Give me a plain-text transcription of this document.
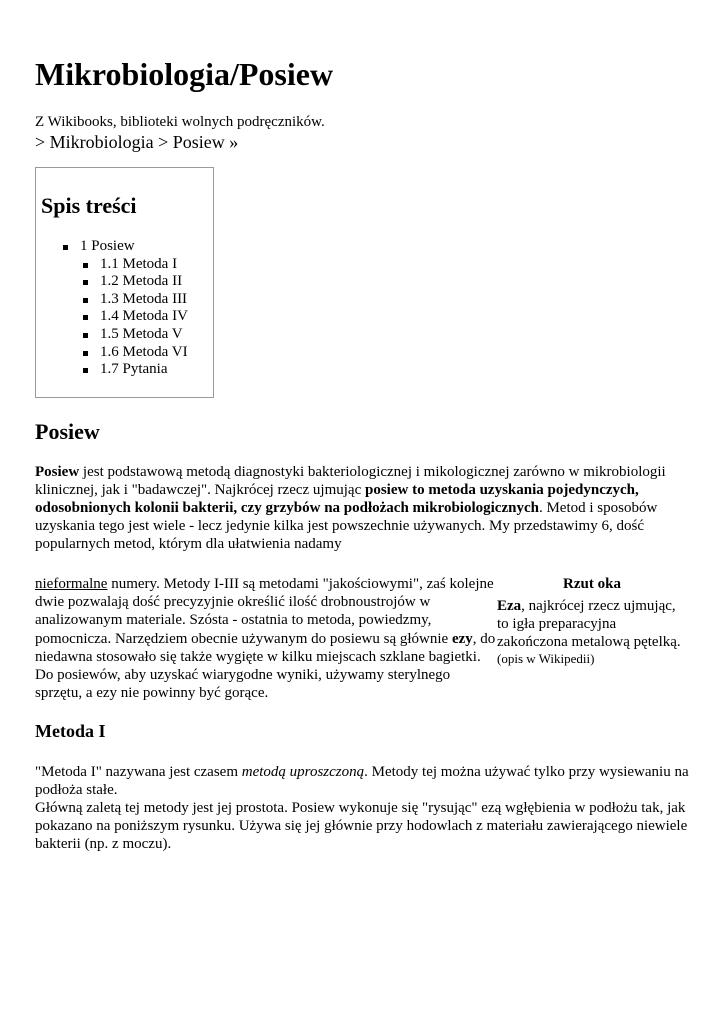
Mikrobiologia/Posiew
Z Wikibooks, biblioteki wolnych podręczników.
> Mikrobiologia > Posiew »
Spis treści
1 Posiew
1.1 Metoda I
1.2 Metoda II
1.3 Metoda III
1.4 Metoda IV
1.5 Metoda V
1.6 Metoda VI
1.7 Pytania
Posiew

Posiew jest podstawową metodą diagnostyki bakteriologicznej i mikologicznej zarówno w mikrobiologii klinicznej, jak i "badawczej". Najkrócej rzecz ujmując posiew to metoda uzyskania pojedynczych, odosobnionych kolonii bakterii, czy grzybów na podłożach mikrobiologicznych. Metod i sposobów uzyskania tego jest wiele - lecz jedynie kilka jest powszechnie używanych. My przedstawimy 6, dość popularnych metod, którym dla ułatwienia nadamy

nieformalne numery. Metody I-III są metodami "jakościowymi", zaś kolejne dwie pozwalają dość precyzyjnie określić ilość drobnoustrojów w analizowanym materiale. Szósta - ostatnia to metoda, powiedzmy, pomocnicza. Narzędziem obecnie używanym do posiewu są głównie ezy, do niedawna stosowało się także wygięte w kilku miejscach szklane bagietki. Do posiewów, aby uzyskać wiarygodne wyniki, używamy sterylnego sprzętu, a ezy nie powinny być gorące.

Rzut oka
Eza, najkrócej rzecz ujmując, to igła preparacyjna zakończona metalową pętelką.
(opis w Wikipedii)
Metoda I

"Metoda I" nazywana jest czasem metodą uproszczoną. Metody tej można używać tylko przy wysiewaniu na podłoża stałe.

Główną zaletą tej metody jest jej prostota. Posiew wykonuje się "rysując" ezą wgłębienia w podłożu tak, jak pokazano na poniższym rysunku. Używa się jej głównie przy hodowlach z materiału zawierającego niewiele bakterii (np. z moczu).
